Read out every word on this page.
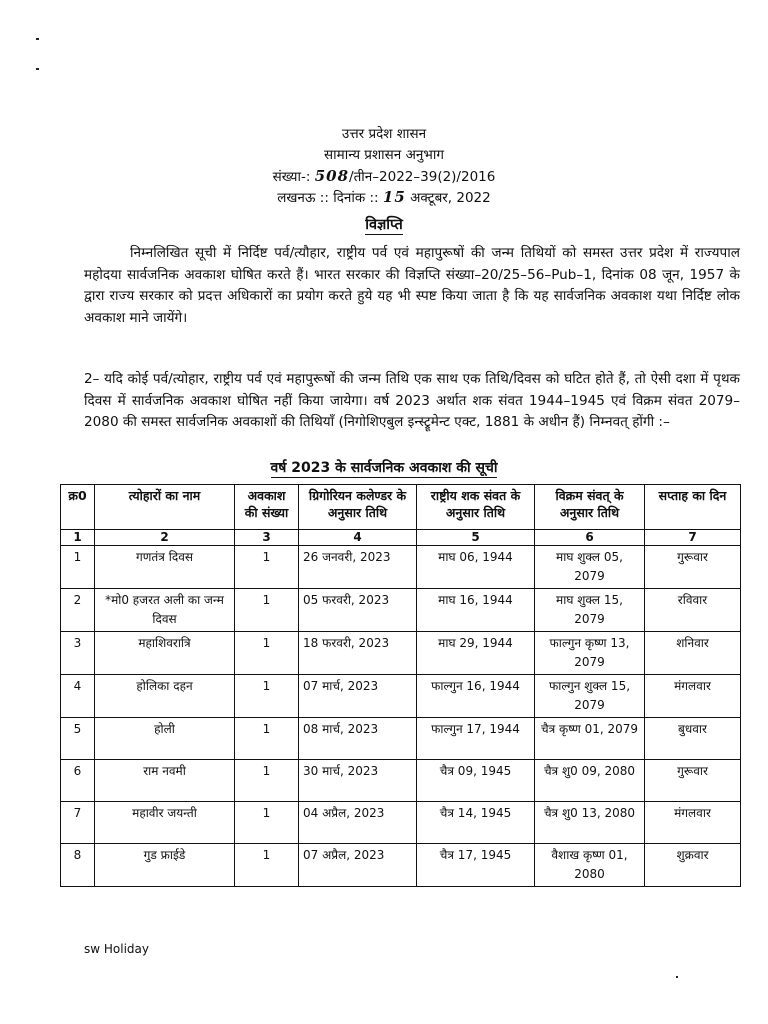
उत्तर प्रदेश शासन
सामान्य प्रशासन अनुभाग
संख्या-: 508/तीन–2022–39(2)/2016
लखनऊ :: दिनांक :: 15 अक्टूबर, 2022
विज्ञप्ति

निम्नलिखित सूची में निर्दिष्ट पर्व/त्यौहार, राष्ट्रीय पर्व एवं महापुरूषों की जन्म तिथियों को समस्त उत्तर प्रदेश में राज्यपाल महोदया सार्वजनिक अवकाश घोषित करते हैं। भारत सरकार की विज्ञप्ति संख्या–20/25–56–Pub–1, दिनांक 08 जून, 1957 के द्वारा राज्य सरकार को प्रदत्त अधिकारों का प्रयोग करते हुये यह भी स्पष्ट किया जाता है कि यह सार्वजनिक अवकाश यथा निर्दिष्ट लोक अवकाश माने जायेंगे।

2– यदि कोई पर्व/त्योहार, राष्ट्रीय पर्व एवं महापुरूषों की जन्म तिथि एक साथ एक तिथि/दिवस को घटित होते हैं, तो ऐसी दशा में पृथक दिवस में सार्वजनिक अवकाश घोषित नहीं किया जायेगा। वर्ष 2023 अर्थात शक संवत 1944–1945 एवं विक्रम संवत 2079–2080 की समस्त सार्वजनिक अवकाशों की तिथियाँ (निगोशिएबुल इन्स्ट्रूमेन्ट एक्ट, 1881 के अधीन हैं) निम्नवत् होंगी :–

वर्ष 2023 के सार्वजनिक अवकाश की सूची
क्र0	त्योहारों का नाम	अवकाश की संख्या	ग्रिगोरियन कलेण्डर के अनुसार तिथि	राष्ट्रीय शक संवत के अनुसार तिथि	विक्रम संवत् के अनुसार तिथि	सप्ताह का दिन
1	2	3	4	5	6	7
1	गणतंत्र दिवस	1	26 जनवरी, 2023	माघ 06, 1944	माघ शुक्ल 05, 2079	गुरूवार
2	*मो0 हजरत अली का जन्म दिवस	1	05 फरवरी, 2023	माघ 16, 1944	माघ शुक्ल 15, 2079	रविवार
3	महाशिवरात्रि	1	18 फरवरी, 2023	माघ 29, 1944	फाल्गुन कृष्ण 13, 2079	शनिवार
4	होलिका दहन	1	07 मार्च, 2023	फाल्गुन 16, 1944	फाल्गुन शुक्ल 15, 2079	मंगलवार
5	होली	1	08 मार्च, 2023	फाल्गुन 17, 1944	चैत्र कृष्ण 01, 2079	बुधवार
6	राम नवमी	1	30 मार्च, 2023	चैत्र 09, 1945	चैत्र शु0 09, 2080	गुरूवार
7	महावीर जयन्ती	1	04 अप्रैल, 2023	चैत्र 14, 1945	चैत्र शु0 13, 2080	मंगलवार
8	गुड फ्राईडे	1	07 अप्रैल, 2023	चैत्र 17, 1945	वैशाख कृष्ण 01, 2080	शुक्रवार
sw Holiday
